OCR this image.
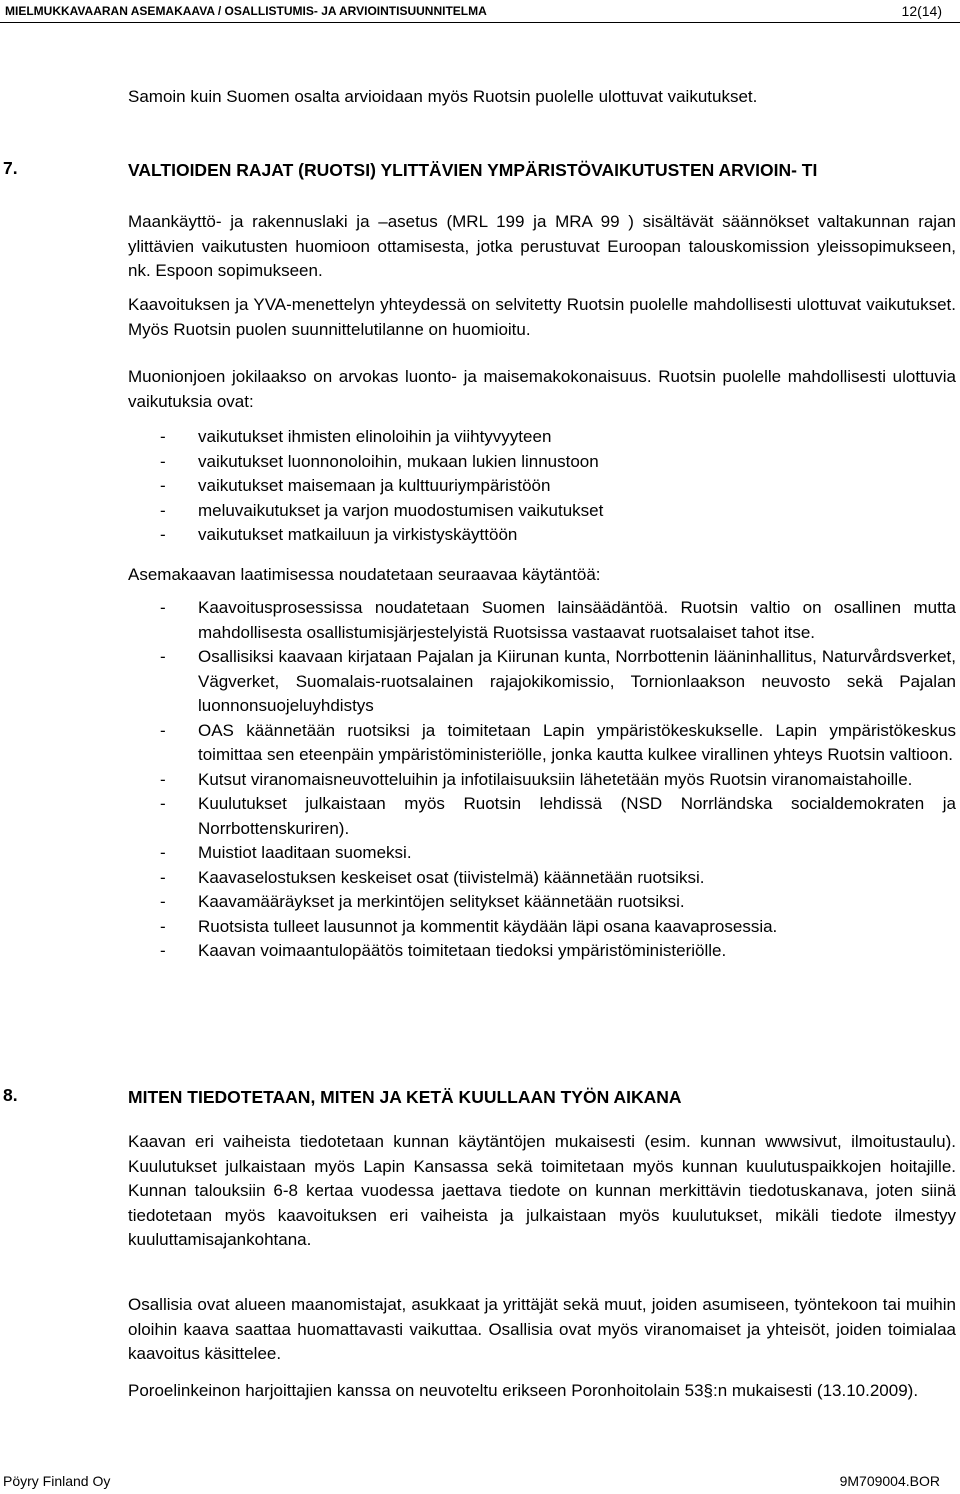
MIELMUKKAVAARAN ASEMAKAAVA / OSALLISTUMIS- JA ARVIOINTISUUNNITELMA	12(14)

Samoin kuin Suomen osalta arvioidaan myös Ruotsin puolelle ulottuvat vaikutukset.

7.	VALTIOIDEN RAJAT (RUOTSI) YLITTÄVIEN YMPÄRISTÖVAIKUTUSTEN ARVIOIN- TI

Maankäyttö- ja rakennuslaki ja –asetus (MRL 199 ja MRA 99 ) sisältävät säännökset valtakunnan rajan ylittävien vaikutusten huomioon ottamisesta, jotka perustuvat Euroopan talouskomission yleissopimukseen, nk. Espoon sopimukseen.

Kaavoituksen ja YVA-menettelyn yhteydessä on selvitetty Ruotsin puolelle mahdollisesti ulottuvat vaikutukset. Myös Ruotsin puolen suunnittelutilanne on huomioitu.

Muonionjoen jokilaakso on arvokas luonto- ja maisemakokonaisuus. Ruotsin puolelle mahdollisesti ulottuvia vaikutuksia ovat:

- vaikutukset ihmisten elinoloihin ja viihtyvyyteen
- vaikutukset luonnonoloihin, mukaan lukien linnustoon
- vaikutukset maisemaan ja kulttuuriympäristöön
- meluvaikutukset ja varjon muodostumisen vaikutukset
- vaikutukset matkailuun ja virkistyskäyttöön

Asemakaavan laatimisessa noudatetaan seuraavaa käytäntöä:

- Kaavoitusprosessissa noudatetaan Suomen lainsäädäntöä. Ruotsin valtio on osallinen mutta mahdollisesta osallistumisjärjestelyistä Ruotsissa vastaavat ruotsalaiset tahot itse.
- Osallisiksi kaavaan kirjataan Pajalan ja Kiirunan kunta, Norrbottenin lääninhallitus, Naturvårdsverket, Vägverket, Suomalais-ruotsalainen rajajokikomissio, Tornionlaakson neuvosto sekä Pajalan luonnonsuojeluyhdistys
- OAS käännetään ruotsiksi ja toimitetaan Lapin ympäristökeskukselle. Lapin ympäristökeskus toimittaa sen eteenpäin ympäristöministeriölle, jonka kautta kulkee virallinen yhteys Ruotsin valtioon.
- Kutsut viranomaisneuvotteluihin ja infotilaisuuksiin lähetetään myös Ruotsin viranomaistahoille.
- Kuulutukset julkaistaan myös Ruotsin lehdissä (NSD Norrländska socialdemokraten ja Norrbottenskuriren).
- Muistiot laaditaan suomeksi.
- Kaavaselostuksen keskeiset osat (tiivistelmä) käännetään ruotsiksi.
- Kaavamääräykset ja merkintöjen selitykset käännetään ruotsiksi.
- Ruotsista tulleet lausunnot ja kommentit käydään läpi osana kaavaprosessia.
- Kaavan voimaantulopäätös toimitetaan tiedoksi ympäristöministeriölle.
8.	MITEN TIEDOTETAAN, MITEN JA KETÄ KUULLAAN TYÖN AIKANA

Kaavan eri vaiheista tiedotetaan kunnan käytäntöjen mukaisesti (esim. kunnan wwwsivut, ilmoitustaulu). Kuulutukset julkaistaan myös Lapin Kansassa sekä toimitetaan myös kunnan kuulutuspaikkojen hoitajille. Kunnan talouksiin 6-8 kertaa vuodessa jaettava tiedote on kunnan merkittävin tiedotuskanava, joten siinä tiedotetaan myös kaavoituksen eri vaiheista ja julkaistaan myös kuulutukset, mikäli tiedote ilmestyy kuuluttamisajankohtana.

Osallisia ovat alueen maanomistajat, asukkaat ja yrittäjät sekä muut, joiden asumiseen, työntekoon tai muihin oloihin kaava saattaa huomattavasti vaikuttaa. Osallisia ovat myös viranomaiset ja yhteisöt, joiden toimialaa kaavoitus käsittelee.

Poroelinkeinon harjoittajien kanssa on neuvoteltu erikseen Poronhoitolain 53§:n mukaisesti (13.10.2009).

Pöyry Finland Oy	9M709004.BOR
